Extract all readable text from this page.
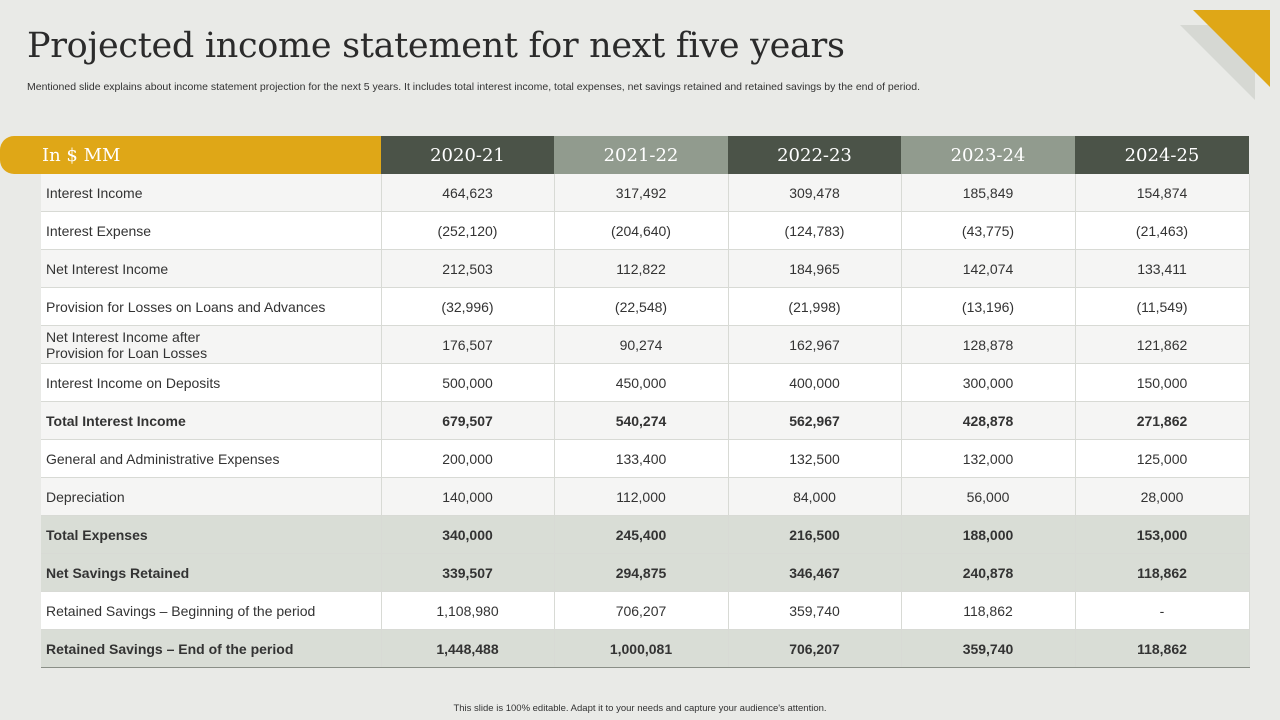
Projected income statement for next five years
Mentioned slide explains about income statement projection for the next 5 years. It includes total interest income, total expenses, net savings retained and retained savings by the end of period.
In $ MM		2020-21	2021-22	2022-23	2023-24	2024-25
	Interest Income	464,623	317,492	309,478	185,849	154,874
	Interest Expense	(252,120)	(204,640)	(124,783)	(43,775)	(21,463)
	Net Interest Income	212,503	112,822	184,965	142,074	133,411
	Provision for Losses on Loans and Advances	(32,996)	(22,548)	(21,998)	(13,196)	(11,549)
	Net Interest Income after
Provision for Loan Losses	176,507	90,274	162,967	128,878	121,862
	Interest Income on Deposits	500,000	450,000	400,000	300,000	150,000
	Total Interest Income	679,507	540,274	562,967	428,878	271,862
	General and Administrative Expenses	200,000	133,400	132,500	132,000	125,000
	Depreciation	140,000	112,000	84,000	56,000	28,000
	Total Expenses	340,000	245,400	216,500	188,000	153,000
	Net Savings Retained	339,507	294,875	346,467	240,878	118,862
	Retained Savings – Beginning of the period	1,108,980	706,207	359,740	118,862	-
	Retained Savings – End of the period	1,448,488	1,000,081	706,207	359,740	118,862
This slide is 100% editable. Adapt it to your needs and capture your audience's attention.
